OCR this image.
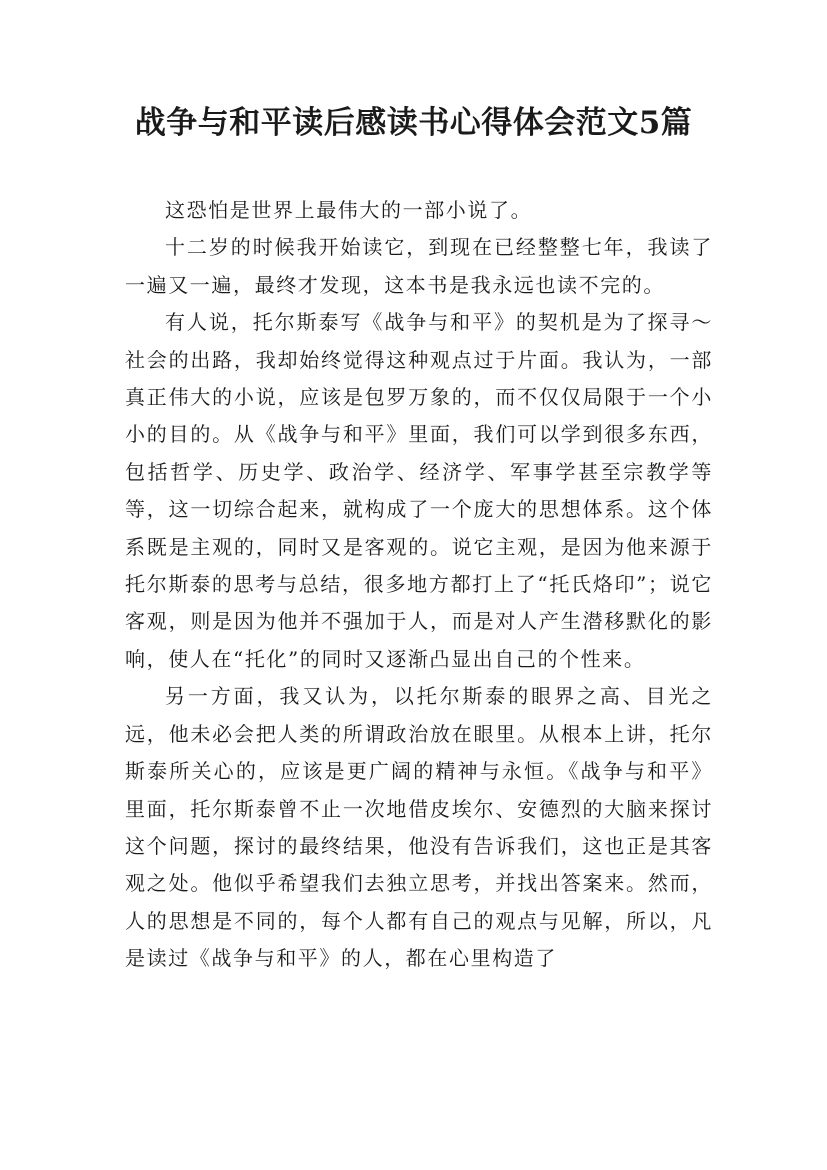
战争与和平读后感读书心得体会范文5篇

这恐怕是世界上最伟大的一部小说了。

十二岁的时候我开始读它，到现在已经整整七年，我读了一遍又一遍，最终才发现，这本书是我永远也读不完的。

有人说，托尔斯泰写《战争与和平》的契机是为了探寻～社会的出路，我却始终觉得这种观点过于片面。我认为，一部真正伟大的小说，应该是包罗万象的，而不仅仅局限于一个小小的目的。从《战争与和平》里面，我们可以学到很多东西，包括哲学、历史学、政治学、经济学、军事学甚至宗教学等等，这一切综合起来，就构成了一个庞大的思想体系。这个体系既是主观的，同时又是客观的。说它主观，是因为他来源于托尔斯泰的思考与总结，很多地方都打上了“托氏烙印”；说它客观，则是因为他并不强加于人，而是对人产生潜移默化的影响，使人在“托化”的同时又逐渐凸显出自己的个性来。

另一方面，我又认为，以托尔斯泰的眼界之高、目光之远，他未必会把人类的所谓政治放在眼里。从根本上讲，托尔斯泰所关心的，应该是更广阔的精神与永恒。《战争与和平》里面，托尔斯泰曾不止一次地借皮埃尔、安德烈的大脑来探讨这个问题，探讨的最终结果，他没有告诉我们，这也正是其客观之处。他似乎希望我们去独立思考，并找出答案来。然而，人的思想是不同的，每个人都有自己的观点与见解，所以，凡是读过《战争与和平》的人，都在心里构造了
